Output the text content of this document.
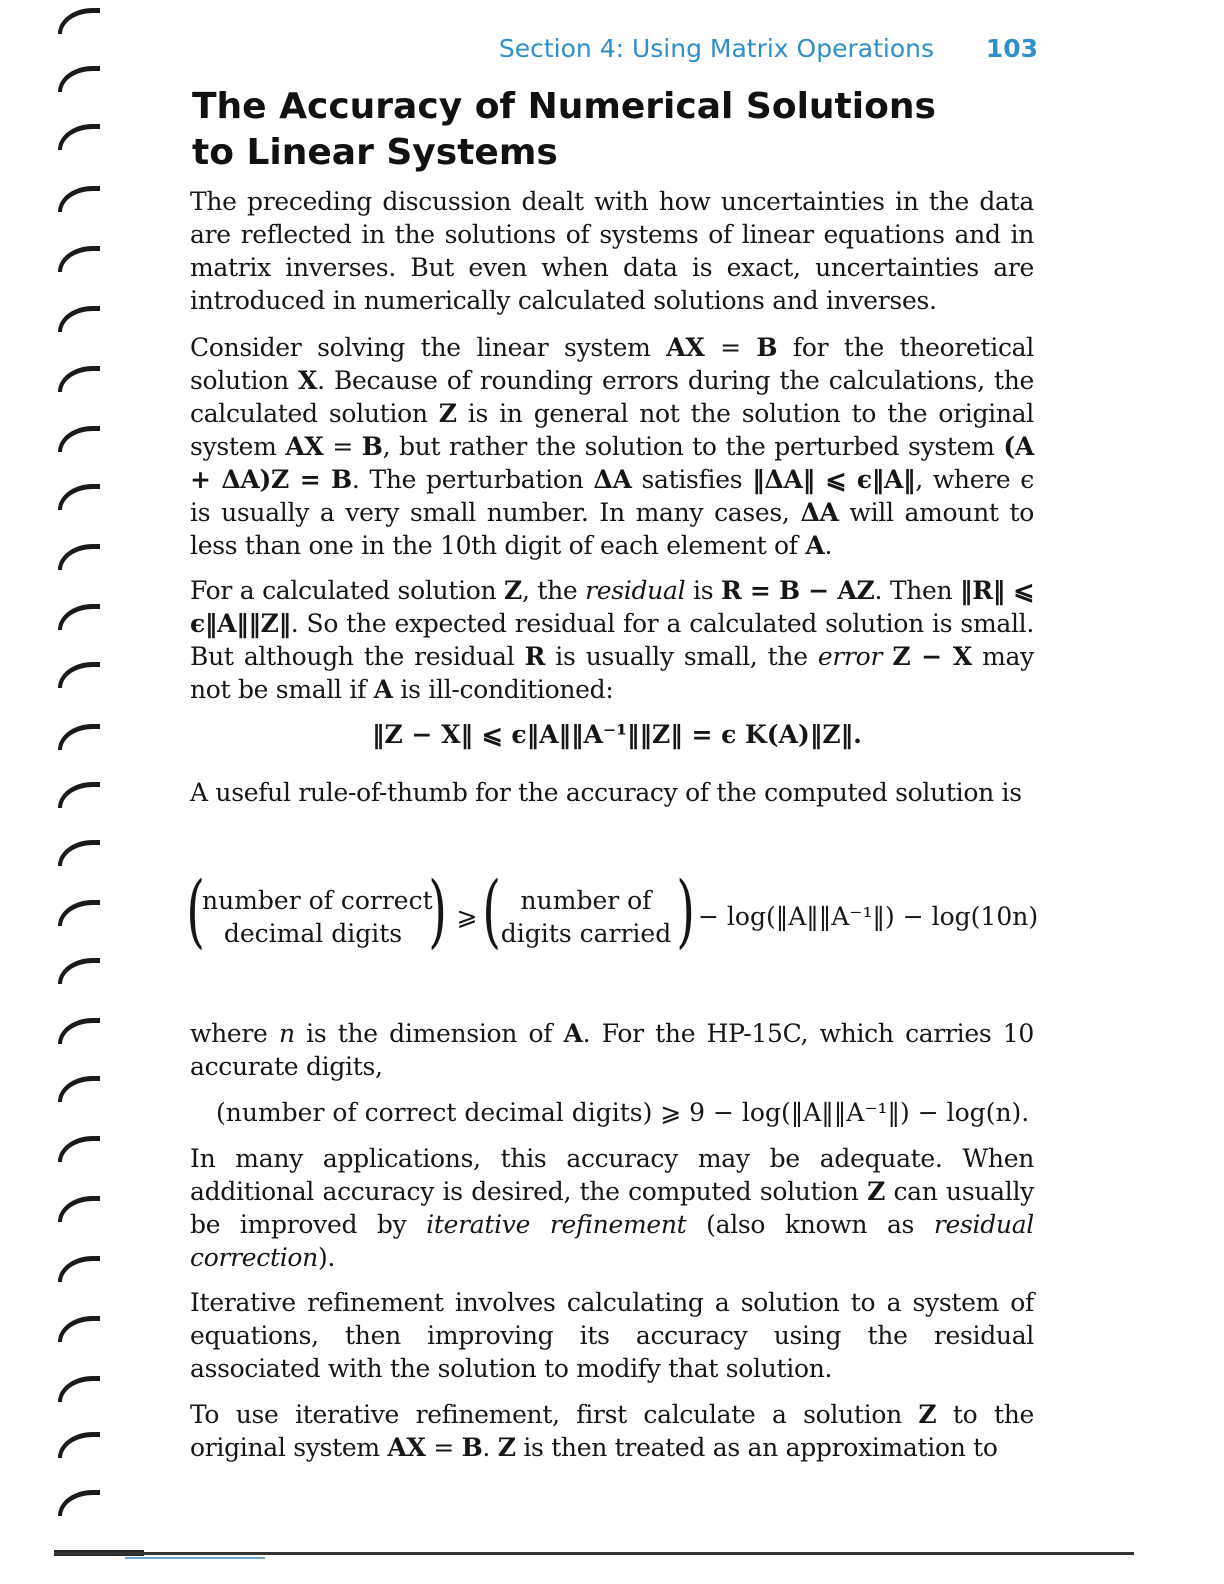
Section 4: Using Matrix Operations 103
The Accuracy of Numerical Solutions
to Linear Systems

The preceding discussion dealt with how uncertainties in the data are reflected in the solutions of systems of linear equations and in matrix inverses. But even when data is exact, uncertainties are introduced in numerically calculated solutions and inverses.

Consider solving the linear system AX = B for the theoretical solution X. Because of rounding errors during the calculations, the calculated solution Z is in general not the solution to the original system AX = B, but rather the solution to the perturbed system (A + ΔA)Z = B. The perturbation ΔA satisfies ‖ΔA‖ ⩽ ϵ‖A‖, where ϵ is usually a very small number. In many cases, ΔA will amount to less than one in the 10th digit of each element of A.

For a calculated solution Z, the residual is R = B − AZ. Then ‖R‖ ⩽ ϵ‖A‖‖Z‖. So the expected residual for a calculated solution is small. But although the residual R is usually small, the error Z − X may not be small if A is ill-conditioned:

‖Z − X‖ ⩽ ϵ‖A‖‖A⁻¹‖‖Z‖ = ϵ K(A)‖Z‖.

A useful rule-of-thumb for the accuracy of the computed solution is

(
number of correct
decimal digits ) ⩾ ( number of
digits carried ) − log(‖A‖‖A⁻¹‖) − log(10n)

where n is the dimension of A. For the HP-15C, which carries 10 accurate digits,

(number of correct decimal digits) ⩾ 9 − log(‖A‖‖A⁻¹‖) − log(n).

In many applications, this accuracy may be adequate. When additional accuracy is desired, the computed solution Z can usually be improved by iterative refinement (also known as residual correction).

Iterative refinement involves calculating a solution to a system of equations, then improving its accuracy using the residual associated with the solution to modify that solution.

To use iterative refinement, first calculate a solution Z to the original system AX = B. Z is then treated as an approximation to
